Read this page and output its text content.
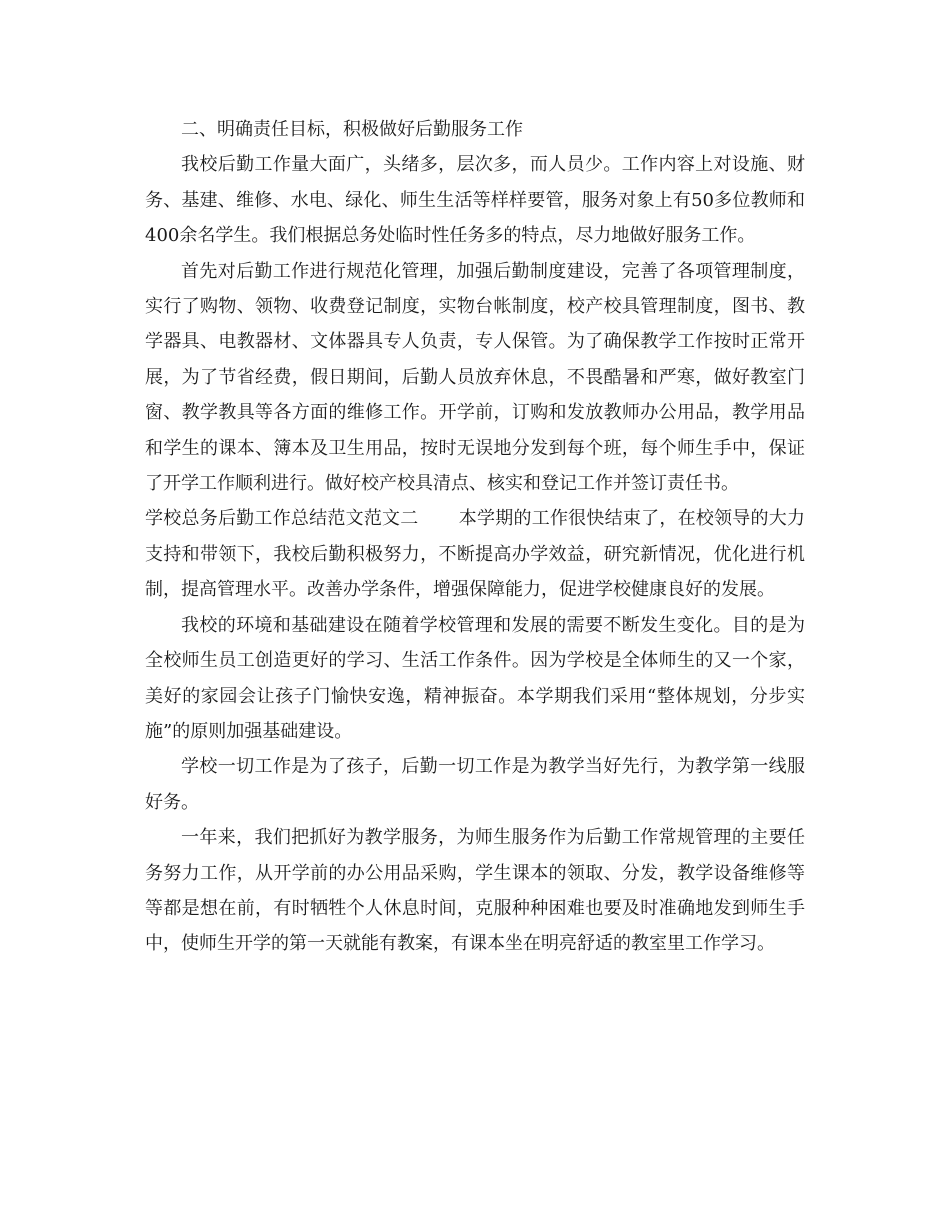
二、明确责任目标，积极做好后勤服务工作

我校后勤工作量大面广，头绪多，层次多，而人员少。工作内容上对设施、财务、基建、维修、水电、绿化、师生生活等样样要管，服务对象上有50多位教师和400余名学生。我们根据总务处临时性任务多的特点，尽力地做好服务工作。

首先对后勤工作进行规范化管理，加强后勤制度建设，完善了各项管理制度，实行了购物、领物、收费登记制度，实物台帐制度，校产校具管理制度，图书、教学器具、电教器材、文体器具专人负责，专人保管。为了确保教学工作按时正常开展，为了节省经费，假日期间，后勤人员放弃休息，不畏酷暑和严寒，做好教室门窗、教学教具等各方面的维修工作。开学前，订购和发放教师办公用品，教学用品和学生的课本、簿本及卫生用品，按时无误地分发到每个班，每个师生手中，保证了开学工作顺利进行。做好校产校具清点、核实和登记工作并签订责任书。

学校总务后勤工作总结范文范文二 本学期的工作很快结束了，在校领导的大力支持和带领下，我校后勤积极努力，不断提高办学效益，研究新情况，优化进行机制，提高管理水平。改善办学条件，增强保障能力，促进学校健康良好的发展。

我校的环境和基础建设在随着学校管理和发展的需要不断发生变化。目的是为全校师生员工创造更好的学习、生活工作条件。因为学校是全体师生的又一个家，美好的家园会让孩子门愉快安逸，精神振奋。本学期我们采用“整体规划，分步实施”的原则加强基础建设。

学校一切工作是为了孩子，后勤一切工作是为教学当好先行，为教学第一线服好务。

一年来，我们把抓好为教学服务，为师生服务作为后勤工作常规管理的主要任务努力工作，从开学前的办公用品采购，学生课本的领取、分发，教学设备维修等等都是想在前，有时牺牲个人休息时间，克服种种困难也要及时准确地发到师生手中，使师生开学的第一天就能有教案，有课本坐在明亮舒适的教室里工作学习。
